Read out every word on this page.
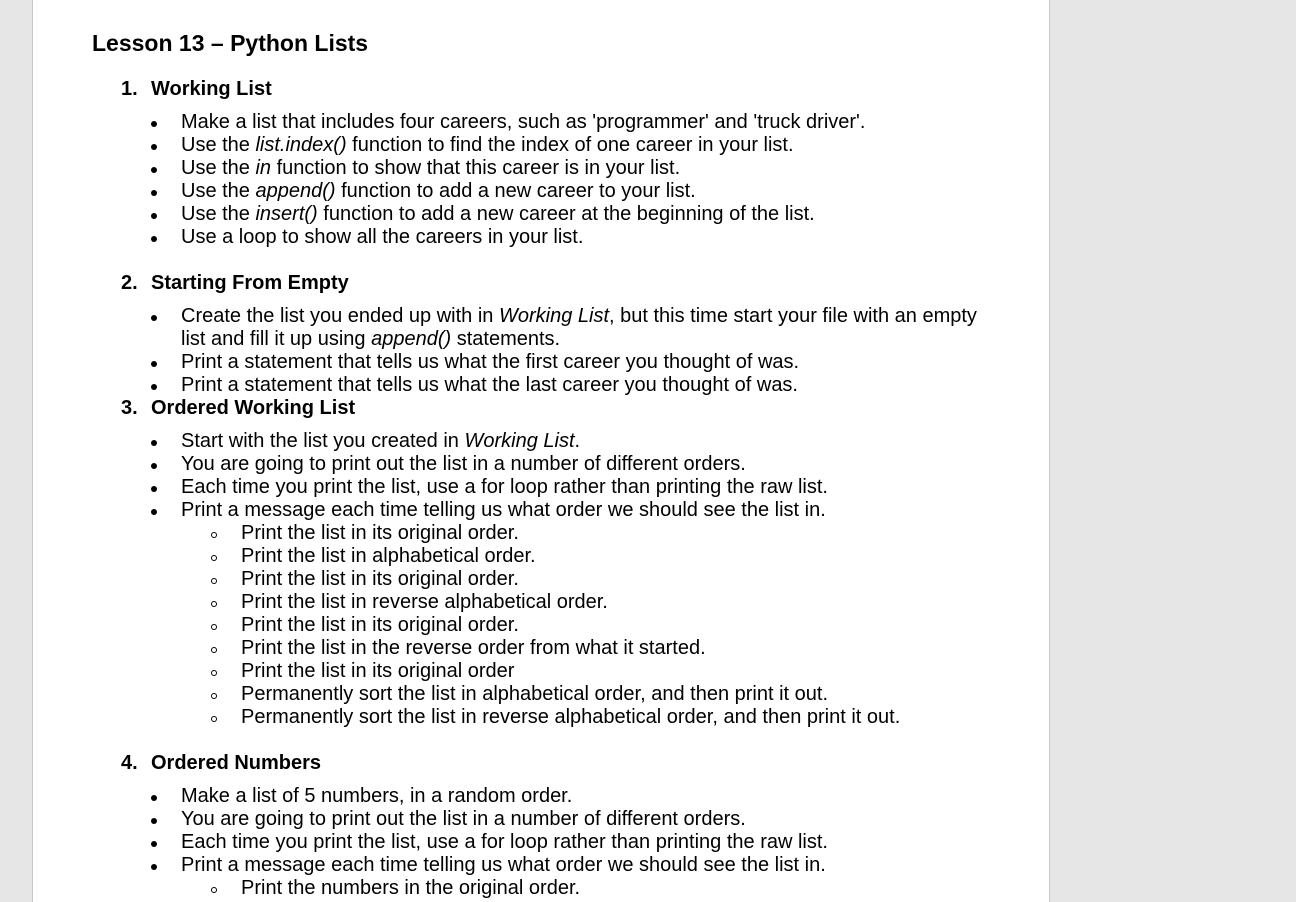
Lesson 13 – Python Lists
1. Working List
Make a list that includes four careers, such as 'programmer' and 'truck driver'.
Use the list.index() function to find the index of one career in your list.
Use the in function to show that this career is in your list.
Use the append() function to add a new career to your list.
Use the insert() function to add a new career at the beginning of the list.
Use a loop to show all the careers in your list.
2. Starting From Empty
Create the list you ended up with in Working List, but this time start your file with an empty list and fill it up using append() statements.
Print a statement that tells us what the first career you thought of was.
Print a statement that tells us what the last career you thought of was.
3. Ordered Working List
Start with the list you created in Working List.
You are going to print out the list in a number of different orders.
Each time you print the list, use a for loop rather than printing the raw list.
Print a message each time telling us what order we should see the list in.
Print the list in its original order.
Print the list in alphabetical order.
Print the list in its original order.
Print the list in reverse alphabetical order.
Print the list in its original order.
Print the list in the reverse order from what it started.
Print the list in its original order
Permanently sort the list in alphabetical order, and then print it out.
Permanently sort the list in reverse alphabetical order, and then print it out.
4. Ordered Numbers
Make a list of 5 numbers, in a random order.
You are going to print out the list in a number of different orders.
Each time you print the list, use a for loop rather than printing the raw list.
Print a message each time telling us what order we should see the list in.
Print the numbers in the original order.
